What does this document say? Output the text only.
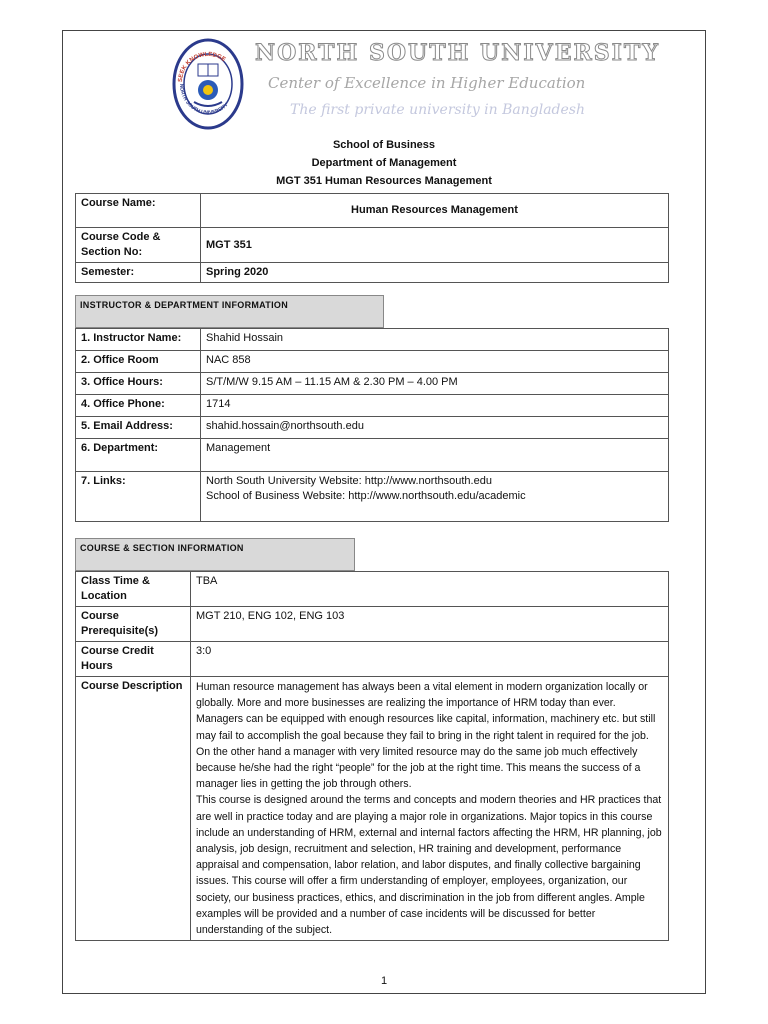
SEEK KNOWLEDGE
NORTH SOUTH UNIVERSITY
NORTH SOUTH UNIVERSITY
Center of Excellence in Higher Education
The first private university in Bangladesh
School of Business
Department of Management
MGT 351 Human Resources Management
Course Name:	Human Resources Management
Course Code & Section No:	MGT 351
Semester:	Spring 2020
INSTRUCTOR & DEPARTMENT INFORMATION
1. Instructor Name:	Shahid Hossain
2. Office Room	NAC 858
3. Office Hours:	S/T/M/W 9.15 AM – 11.15 AM & 2.30 PM – 4.00 PM
4. Office Phone:	1714
5. Email Address:	shahid.hossain@northsouth.edu
6. Department:	Management
7. Links:	North South University Website: http://www.northsouth.edu
School of Business Website: http://www.northsouth.edu/academic
COURSE & SECTION INFORMATION
Class Time & Location	TBA
Course Prerequisite(s)	MGT 210, ENG 102, ENG 103
Course Credit Hours	3:0
Course Description	Human resource management has always been a vital element in modern organization locally or globally. More and more businesses are realizing the importance of HRM today than ever. Managers can be equipped with enough resources like capital, information, machinery etc. but still may fail to accomplish the goal because they fail to bring in the right talent in required for the job. On the other hand a manager with very limited resource may do the same job much effectively because he/she had the right “people” for the job at the right time. This means the success of a manager lies in getting the job through others.

This course is designed around the terms and concepts and modern theories and HR practices that are well in practice today and are playing a major role in organizations. Major topics in this course include an understanding of HRM, external and internal factors affecting the HRM, HR planning, job analysis, job design, recruitment and selection, HR training and development, performance appraisal and compensation, labor relation, and labor disputes, and finally collective bargaining issues. This course will offer a firm understanding of employer, employees, organization, our society, our business practices, ethics, and discrimination in the job from different angles. Ample examples will be provided and a number of case incidents will be discussed for better understanding of the subject.

1
